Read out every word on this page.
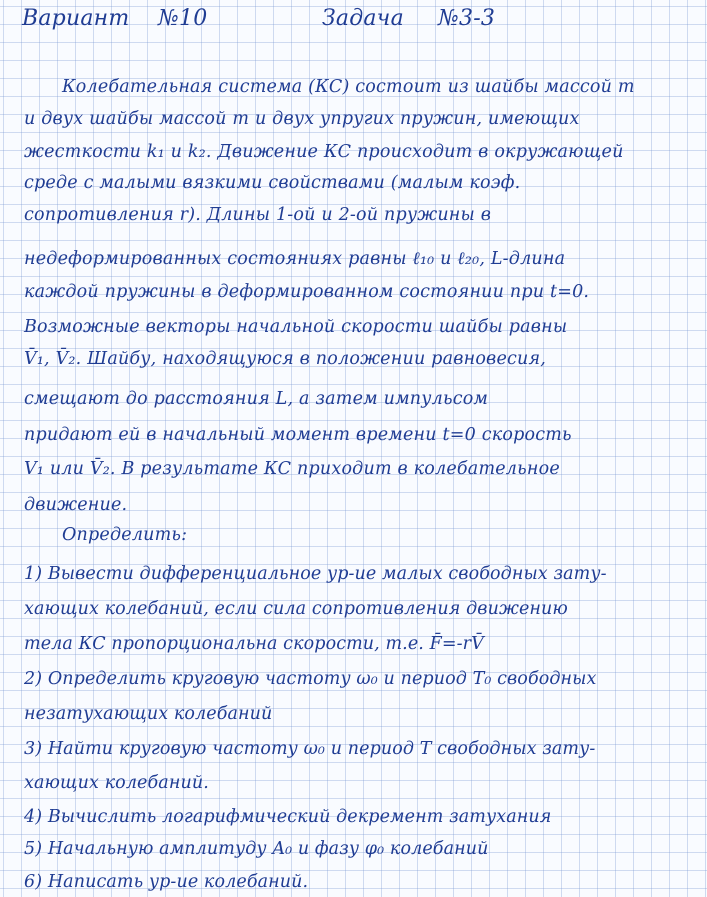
Вариант №10	Задача №3-3
Колебательная система (КС) состоит из шайбы массой m
и двух шайбы массой m и двух упругих пружин, имеющих
жесткости k₁ и k₂. Движение КС происходит в окружающей
среде с малыми вязкими свойствами (малым коэф.
сопротивления r). Длины 1-ой и 2-ой пружины в
недеформированных состояниях равны ℓ₁₀ и ℓ₂₀, L-длина
каждой пружины в деформированном состоянии при t=0.
Возможные векторы начальной скорости шайбы равны
V̄₁, V̄₂. Шайбу, находящуюся в положении равновесия,
смещают до расстояния L, а затем импульсом
придают ей в начальный момент времени t=0 скорость
V₁ или V̄₂. В результате КС приходит в колебательное
движение.
Определить:
1) Вывести дифференциальное ур-ие малых свободных зату-
хающих колебаний, если сила сопротивления движению
тела КС пропорциональна скорости, т.е. F̄=-rV̄
2) Определить круговую частоту ω₀ и период T₀ свободных
незатухающих колебаний
3) Найти круговую частоту ω₀ и период T свободных зату-
хающих колебаний.
4) Вычислить логарифмический декремент затухания
5) Начальную амплитуду A₀ и фазу φ₀ колебаний
6) Написать ур-ие колебаний.
